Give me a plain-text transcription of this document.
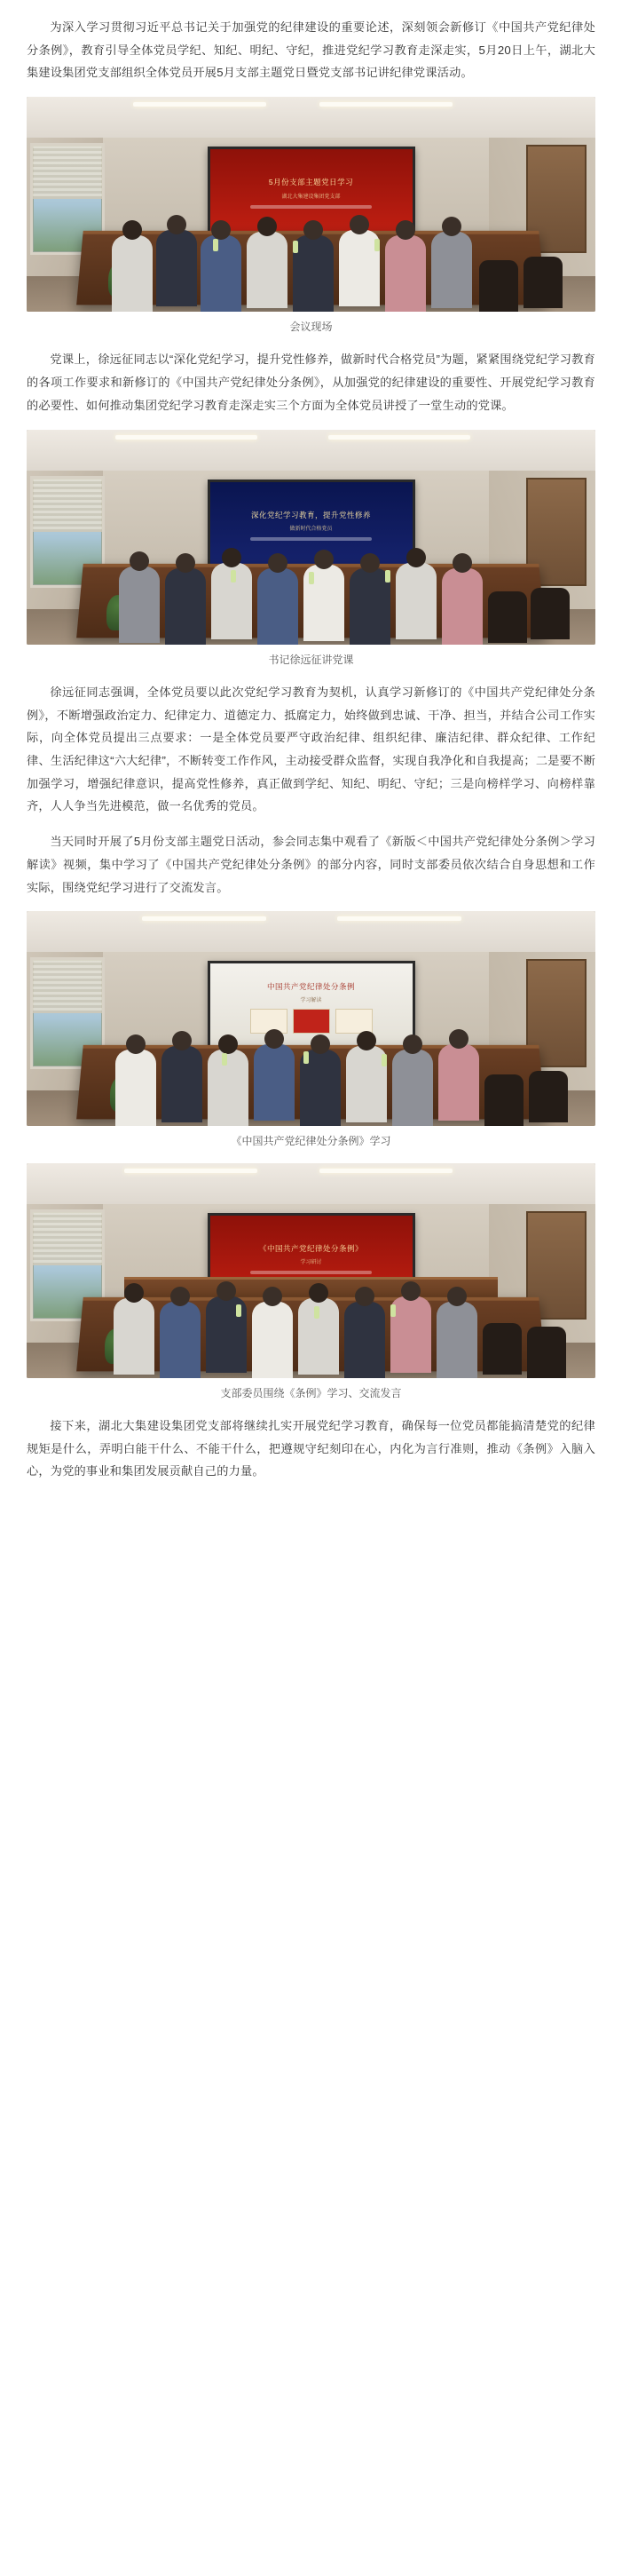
为深入学习贯彻习近平总书记关于加强党的纪律建设的重要论述，深刻领会新修订《中国共产党纪律处分条例》，教育引导全体党员学纪、知纪、明纪、守纪，推进党纪学习教育走深走实，5月20日上午，湖北大集建设集团党支部组织全体党员开展5月支部主题党日暨党支部书记讲纪律党课活动。

5月份支部主题党日学习
湖北大集建设集团党支部
会议现场

党课上，徐远征同志以“深化党纪学习，提升党性修养，做新时代合格党员”为题，紧紧围绕党纪学习教育的各项工作要求和新修订的《中国共产党纪律处分条例》，从加强党的纪律建设的重要性、开展党纪学习教育的必要性、如何推动集团党纪学习教育走深走实三个方面为全体党员讲授了一堂生动的党课。

深化党纪学习教育，提升党性修养
做新时代合格党员
书记徐远征讲党课

徐远征同志强调，全体党员要以此次党纪学习教育为契机，认真学习新修订的《中国共产党纪律处分条例》，不断增强政治定力、纪律定力、道德定力、抵腐定力，始终做到忠诚、干净、担当，并结合公司工作实际，向全体党员提出三点要求：一是全体党员要严守政治纪律、组织纪律、廉洁纪律、群众纪律、工作纪律、生活纪律这“六大纪律”，不断转变工作作风，主动接受群众监督，实现自我净化和自我提高；二是要不断加强学习，增强纪律意识，提高党性修养，真正做到学纪、知纪、明纪、守纪；三是向榜样学习、向榜样靠齐，人人争当先进模范，做一名优秀的党员。

当天同时开展了5月份支部主题党日活动，参会同志集中观看了《新版＜中国共产党纪律处分条例＞学习解读》视频，集中学习了《中国共产党纪律处分条例》的部分内容，同时支部委员依次结合自身思想和工作实际，围绕党纪学习进行了交流发言。

中国共产党纪律处分条例
学习解读
《中国共产党纪律处分条例》学习
《中国共产党纪律处分条例》
学习研讨
支部委员围绕《条例》学习、交流发言

接下来，湖北大集建设集团党支部将继续扎实开展党纪学习教育，确保每一位党员都能搞清楚党的纪律规矩是什么，弄明白能干什么、不能干什么，把遵规守纪刻印在心，内化为言行准则，推动《条例》入脑入心，为党的事业和集团发展贡献自己的力量。
